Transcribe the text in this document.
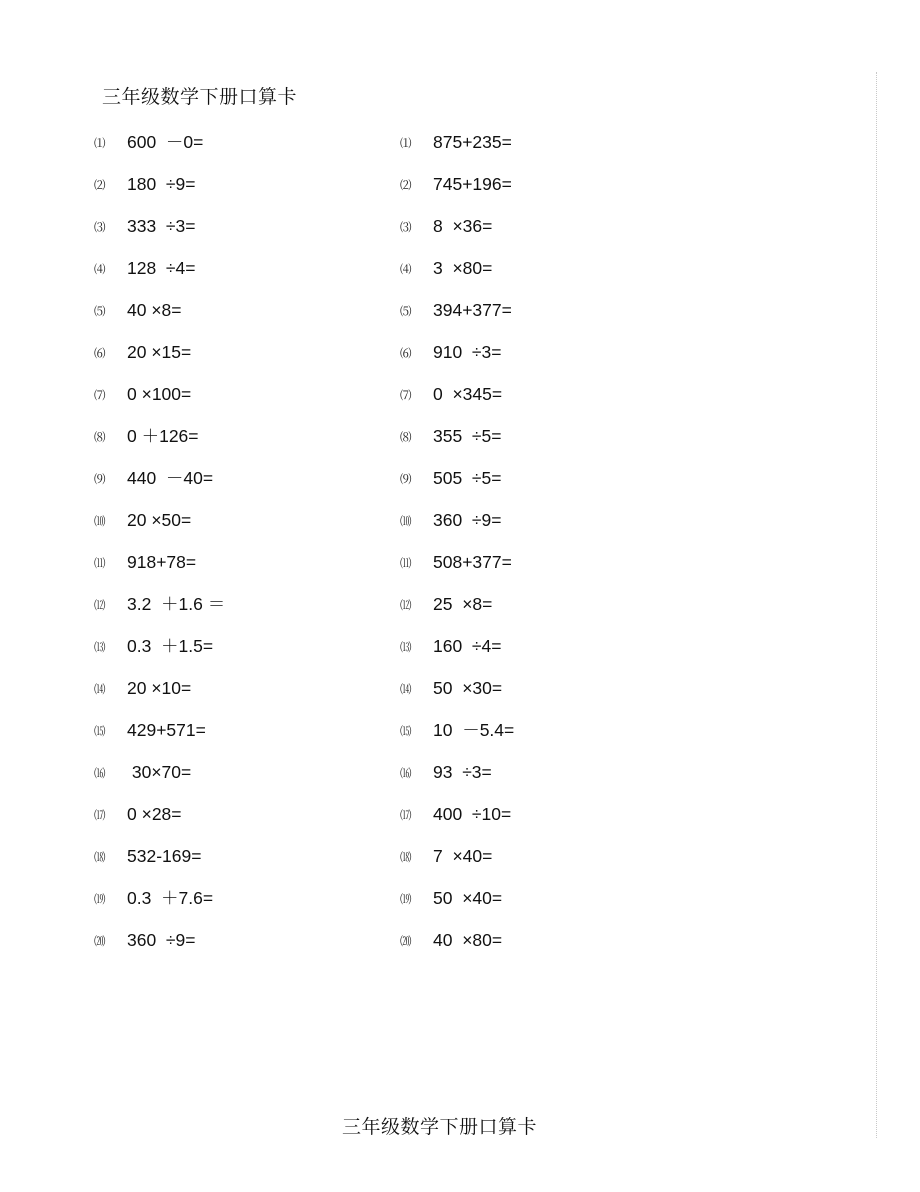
三年级数学下册口算卡
⑴	600  －0=
⑵	180  ÷9=
⑶	333  ÷3=
⑷	128  ÷4=
⑸	40 ×8=
⑹	20 ×15=
⑺	0 ×100=
⑻	0 ＋126=
⑼	440  －40=
⑽	20 ×50=
⑾	918+78=
⑿	3.2  ＋1.6 ＝
⒀	0.3  ＋1.5=
⒁	20 ×10=
⒂	429+571=
⒃	30×70=
⒄	0 ×28=
⒅	532-169=
⒆	0.3  ＋7.6=
⒇	360  ÷9=
⑴	875+235=
⑵	745+196=
⑶	8  ×36=
⑷	3  ×80=
⑸	394+377=
⑹	910  ÷3=
⑺	0  ×345=
⑻	355  ÷5=
⑼	505  ÷5=
⑽	360  ÷9=
⑾	508+377=
⑿	25  ×8=
⒀	160  ÷4=
⒁	50  ×30=
⒂	10  －5.4=
⒃	93  ÷3=
⒄	400  ÷10=
⒅	7  ×40=
⒆	50  ×40=
⒇	40  ×80=
三年级数学下册口算卡
